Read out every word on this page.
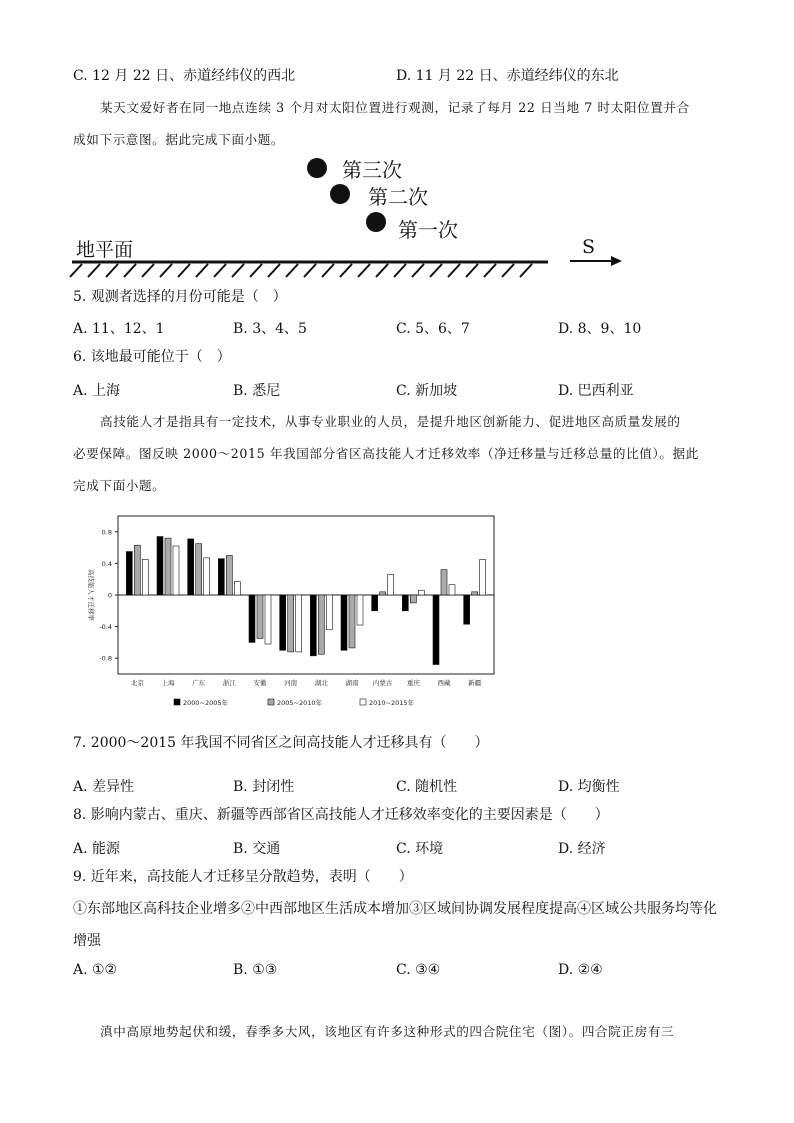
C. 12 月 22 日、赤道经纬仪的西北	D. 11 月 22 日、赤道经纬仪的东北
某天文爱好者在同一地点连续 3 个月对太阳位置进行观测，记录了每月 22 日当地 7 时太阳位置并合
成如下示意图。据此完成下面小题。
第三次
第二次
第一次
地平面	S
5. 观测者选择的月份可能是（　）
A. 11、12、1	B. 3、4、5	C. 5、6、7	D. 8、9、10
6. 该地最可能位于（　）
A. 上海	B. 悉尼	C. 新加坡	D. 巴西利亚
高技能人才是指具有一定技术，从事专业职业的人员，是提升地区创新能力、促进地区高质量发展的
必要保障。图反映 2000～2015 年我国部分省区高技能人才迁移效率（净迁移量与迁移总量的比值）。据此
完成下面小题。
0.8
0.4
0
-0.4
-0.8
高技能人才迁移率
北京	上海	广东	浙江	安徽	河南	湖北	湖南 内蒙古 重庆	西藏	新疆
2000~2005年	2005~2010年	2010~2015年
7. 2000～2015 年我国不同省区之间高技能人才迁移具有（　　）
A. 差异性	B. 封闭性	C. 随机性	D. 均衡性
8. 影响内蒙古、重庆、新疆等西部省区高技能人才迁移效率变化的主要因素是（　　）
A. 能源	B. 交通	C. 环境	D. 经济
9. 近年来，高技能人才迁移呈分散趋势，表明（　　）
①东部地区高科技企业增多②中西部地区生活成本增加③区域间协调发展程度提高④区域公共服务均等化
增强
A. ①②	B. ①③	C. ③④	D. ②④
滇中高原地势起伏和缓，春季多大风，该地区有许多这种形式的四合院住宅（图）。四合院正房有三
